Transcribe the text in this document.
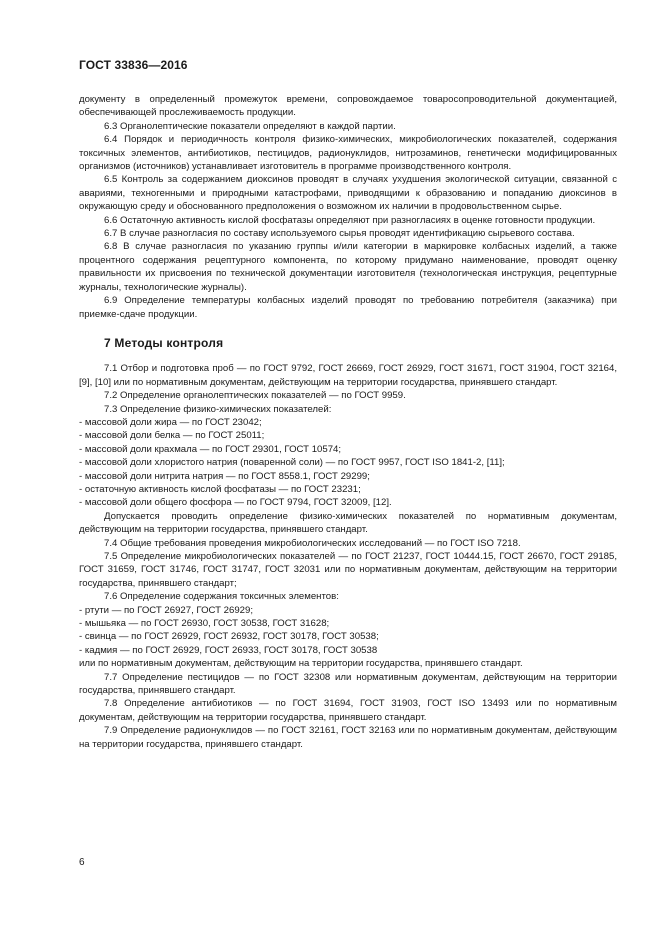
ГОСТ 33836—2016

документу в определенный промежуток времени, сопровождаемое товаросопроводительной документацией, обеспечивающей прослеживаемость продукции.

6.3 Органолептические показатели определяют в каждой партии.

6.4 Порядок и периодичность контроля физико-химических, микробиологических показателей, содержания токсичных элементов, антибиотиков, пестицидов, радионуклидов, нитрозаминов, генетически модифицированных организмов (источников) устанавливает изготовитель в программе производственного контроля.

6.5 Контроль за содержанием диоксинов проводят в случаях ухудшения экологической ситуации, связанной с авариями, техногенными и природными катастрофами, приводящими к образованию и попаданию диоксинов в окружающую среду и обоснованного предположения о возможном их наличии в продовольственном сырье.

6.6 Остаточную активность кислой фосфатазы определяют при разногласиях в оценке готовности продукции.

6.7 В случае разногласия по составу используемого сырья проводят идентификацию сырьевого состава.

6.8 В случае разногласия по указанию группы и/или категории в маркировке колбасных изделий, а также процентного содержания рецептурного компонента, по которому придумано наименование, проводят оценку правильности их присвоения по технической документации изготовителя (технологическая инструкция, рецептурные журналы, технологические журналы).

6.9 Определение температуры колбасных изделий проводят по требованию потребителя (заказчика) при приемке-сдаче продукции.

7 Методы контроля

7.1 Отбор и подготовка проб — по ГОСТ 9792, ГОСТ 26669, ГОСТ 26929, ГОСТ 31671, ГОСТ 31904, ГОСТ 32164, [9], [10] или по нормативным документам, действующим на территории государства, принявшего стандарт.

7.2 Определение органолептических показателей — по ГОСТ 9959.

7.3 Определение физико-химических показателей:

- массовой доли жира — по ГОСТ 23042;

- массовой доли белка — по ГОСТ 25011;

- массовой доли крахмала — по ГОСТ 29301, ГОСТ 10574;

- массовой доли хлористого натрия (поваренной соли) — по ГОСТ 9957, ГОСТ ISO 1841-2, [11];

- массовой доли нитрита натрия — по ГОСТ 8558.1, ГОСТ 29299;

- остаточную активность кислой фосфатазы — по ГОСТ 23231;

- массовой доли общего фосфора — по ГОСТ 9794, ГОСТ 32009, [12].

Допускается проводить определение физико-химических показателей по нормативным документам, действующим на территории государства, принявшего стандарт.

7.4 Общие требования проведения микробиологических исследований — по ГОСТ ISO 7218.

7.5 Определение микробиологических показателей — по ГОСТ 21237, ГОСТ 10444.15, ГОСТ 26670, ГОСТ 29185, ГОСТ 31659, ГОСТ 31746, ГОСТ 31747, ГОСТ 32031 или по нормативным документам, действующим на территории государства, принявшего стандарт;

7.6 Определение содержания токсичных элементов:

- ртути — по ГОСТ 26927, ГОСТ 26929;

- мышьяка — по ГОСТ 26930, ГОСТ 30538, ГОСТ 31628;

- свинца — по ГОСТ 26929, ГОСТ 26932, ГОСТ 30178, ГОСТ 30538;

- кадмия — по ГОСТ 26929, ГОСТ 26933, ГОСТ 30178, ГОСТ 30538

или по нормативным документам, действующим на территории государства, принявшего стандарт.

7.7 Определение пестицидов — по ГОСТ 32308 или нормативным документам, действующим на территории государства, принявшего стандарт.

7.8 Определение антибиотиков — по ГОСТ 31694, ГОСТ 31903, ГОСТ ISO 13493 или по нормативным документам, действующим на территории государства, принявшего стандарт.

7.9 Определение радионуклидов — по ГОСТ 32161, ГОСТ 32163 или по нормативным документам, действующим на территории государства, принявшего стандарт.

6
